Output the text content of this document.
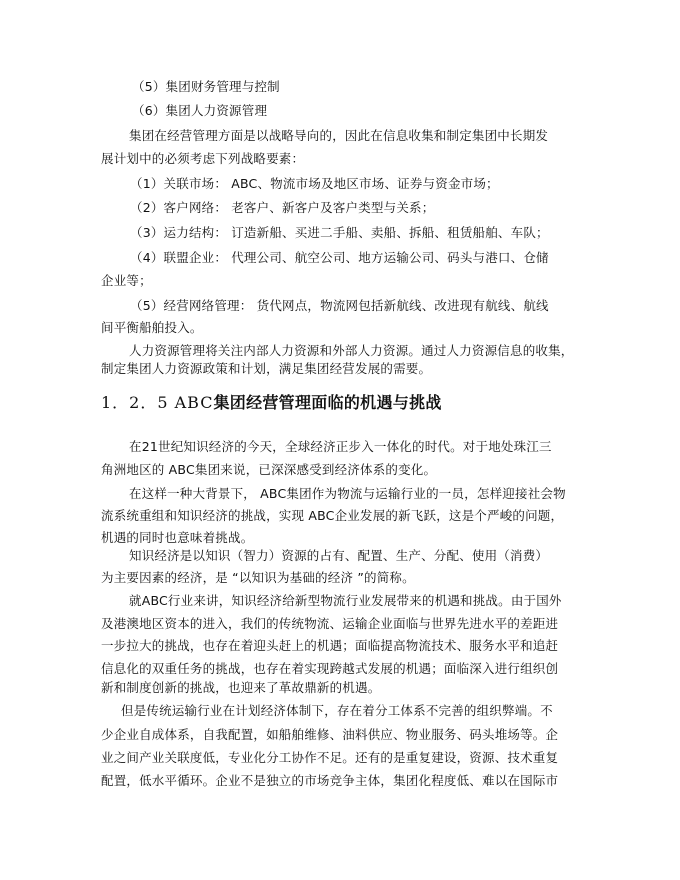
（5）集团财务管理与控制
（6）集团人力资源管理
集团在经营管理方面是以战略导向的，因此在信息收集和制定集团中长期发
展计划中的必须考虑下列战略要素：
（1）关联市场： ABC、物流市场及地区市场、证券与资金市场；
（2）客户网络： 老客户、新客户及客户类型与关系；
（3）运力结构： 订造新船、买进二手船、卖船、拆船、租赁船舶、车队；
（4）联盟企业： 代理公司、航空公司、地方运输公司、码头与港口、仓储
企业等；
（5）经营网络管理： 货代网点，物流网包括新航线、改进现有航线、航线
间平衡船舶投入。
人力资源管理将关注内部人力资源和外部人力资源。通过人力资源信息的收集，
制定集团人力资源政策和计划，满足集团经营发展的需要。
1．2．5 ABC集团经营管理面临的机遇与挑战
在21世纪知识经济的今天，全球经济正步入一体化的时代。对于地处珠江三
角洲地区的 ABC集团来说，已深深感受到经济体系的变化。
在这样一种大背景下， ABC集团作为物流与运输行业的一员，怎样迎接社会物
流系统重组和知识经济的挑战，实现 ABC企业发展的新飞跃，这是个严峻的问题，
机遇的同时也意味着挑战。
知识经济是以知识（智力）资源的占有、配置、生产、分配、使用（消费）
为主要因素的经济，是 “以知识为基础的经济 ”的简称。
就ABC行业来讲，知识经济给新型物流行业发展带来的机遇和挑战。由于国外
及港澳地区资本的进入，我们的传统物流、运输企业面临与世界先进水平的差距进
一步拉大的挑战，也存在着迎头赶上的机遇；面临提高物流技术、服务水平和追赶
信息化的双重任务的挑战，也存在着实现跨越式发展的机遇；面临深入进行组织创
新和制度创新的挑战，也迎来了革故鼎新的机遇。
但是传统运输行业在计划经济体制下，存在着分工体系不完善的组织弊端。不
少企业自成体系，自我配置，如船舶维修、油料供应、物业服务、码头堆场等。企
业之间产业关联度低，专业化分工协作不足。还有的是重复建设，资源、技术重复
配置，低水平循环。企业不是独立的市场竞争主体，集团化程度低、难以在国际市
